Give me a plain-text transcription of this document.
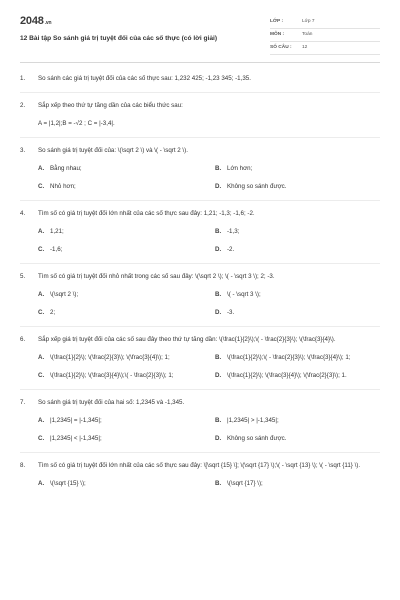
2048.vn
12 Bài tập So sánh giá trị tuyệt đối của các số thực (có lời giải)
LỚP :	Lớp 7
MÔN :	Toán
SỐ CÂU :	12
1.	So sánh các giá trị tuyệt đối của các số thực sau: 1,232 425; -1,23 345; -1,35.
2.	Sắp xếp theo thứ tự tăng dần của các biểu thức sau:
A = |1,2|;B = -√2 ; C = |-3,4|.
3.	So sánh giá trị tuyệt đối của: \(\sqrt 2 \) và \( - \sqrt 2 \).
A. Bằng nhau;	B. Lớn hơn;
C. Nhỏ hơn;	D. Không so sánh được.
4.	Tìm số có giá trị tuyệt đối lớn nhất của các số thực sau đây: 1,21; -1,3; -1,6; -2.
A. 1,21;	B. -1,3;
C. -1,6;	D. -2.
5.	Tìm số có giá trị tuyệt đối nhỏ nhất trong các số sau đây: \(\sqrt 2 \); \( - \sqrt 3 \); 2; -3.
A. \(\sqrt 2 \);	B. \( - \sqrt 3 \);
C. 2;	D. -3.
6.	Sắp xếp giá trị tuyệt đối của các số sau đây theo thứ tự tăng dần: \(\frac{1}{2}\);\( - \frac{2}{3}\); \(\frac{3}{4}\).
A. \(\frac{1}{2}\); \(\frac{2}{3}\); \(\frac{3}{4}\); 1;	B. \(\frac{1}{2}\);\( - \frac{2}{3}\); \(\frac{3}{4}\); 1;
C. \(\frac{1}{2}\); \(\frac{3}{4}\);\( - \frac{2}{3}\); 1;	D. \(\frac{1}{2}\); \(\frac{3}{4}\); \(\frac{2}{3}\); 1.
7.	So sánh giá trị tuyệt đối của hai số: 1,2345 và -1,345.
A. |1,2345| = |-1,345|;	B. |1,2345| > |-1,345|;
C. |1,2345| < |-1,345|;	D. Không so sánh được.
8.	Tìm số có giá trị tuyệt đối lớn nhất của các số thực sau đây: \[\sqrt {15} \]; \(\sqrt {17} \);\( - \sqrt {13} \); \( - \sqrt {11} \).
A. \(\sqrt {15} \);	B. \(\sqrt {17} \);
